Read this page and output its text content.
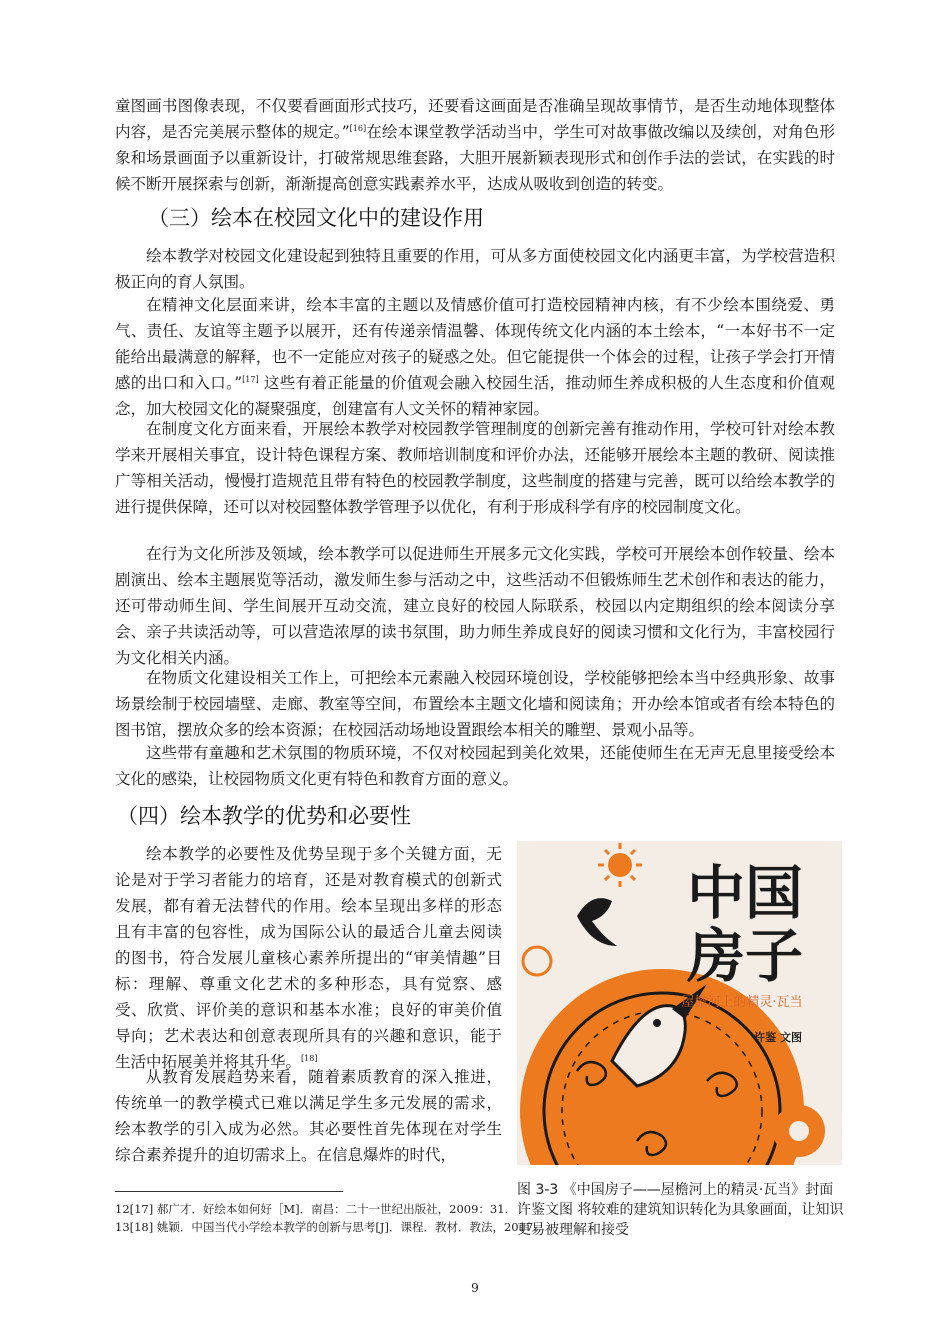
童图画书图像表现，不仅要看画面形式技巧，还要看这画面是否准确呈现故事情节，是否生动地体现整体内容，是否完美展示整体的规定。”[16]在绘本课堂教学活动当中，学生可对故事做改编以及续创，对角色形象和场景画面予以重新设计，打破常规思维套路，大胆开展新颖表现形式和创作手法的尝试，在实践的时候不断开展探索与创新，渐渐提高创意实践素养水平，达成从吸收到创造的转变。

（三）绘本在校园文化中的建设作用

绘本教学对校园文化建设起到独特且重要的作用，可从多方面使校园文化内涵更丰富，为学校营造积极正向的育人氛围。

在精神文化层面来讲，绘本丰富的主题以及情感价值可打造校园精神内核，有不少绘本围绕爱、勇气、责任、友谊等主题予以展开，还有传递亲情温馨、体现传统文化内涵的本土绘本，“一本好书不一定能给出最满意的解释，也不一定能应对孩子的疑惑之处。但它能提供一个体会的过程，让孩子学会打开情感的出口和入口。”[17] 这些有着正能量的价值观会融入校园生活，推动师生养成积极的人生态度和价值观念，加大校园文化的凝聚强度，创建富有人文关怀的精神家园。

在制度文化方面来看，开展绘本教学对校园教学管理制度的创新完善有推动作用，学校可针对绘本教学来开展相关事宜，设计特色课程方案、教师培训制度和评价办法，还能够开展绘本主题的教研、阅读推广等相关活动，慢慢打造规范且带有特色的校园教学制度，这些制度的搭建与完善，既可以给绘本教学的进行提供保障，还可以对校园整体教学管理予以优化，有利于形成科学有序的校园制度文化。

在行为文化所涉及领域，绘本教学可以促进师生开展多元文化实践，学校可开展绘本创作较量、绘本剧演出、绘本主题展览等活动，激发师生参与活动之中，这些活动不但锻炼师生艺术创作和表达的能力，还可带动师生间、学生间展开互动交流，建立良好的校园人际联系，校园以内定期组织的绘本阅读分享会、亲子共读活动等，可以营造浓厚的读书氛围，助力师生养成良好的阅读习惯和文化行为，丰富校园行为文化相关内涵。

在物质文化建设相关工作上，可把绘本元素融入校园环境创设，学校能够把绘本当中经典形象、故事场景绘制于校园墙壁、走廊、教室等空间，布置绘本主题文化墙和阅读角；开办绘本馆或者有绘本特色的图书馆，摆放众多的绘本资源；在校园活动场地设置跟绘本相关的雕塑、景观小品等。

这些带有童趣和艺术氛围的物质环境，不仅对校园起到美化效果，还能使师生在无声无息里接受绘本文化的感染，让校园物质文化更有特色和教育方面的意义。

（四）绘本教学的优势和必要性

绘本教学的必要性及优势呈现于多个关键方面，无论是对于学习者能力的培育，还是对教育模式的创新式发展，都有着无法替代的作用。绘本呈现出多样的形态且有丰富的包容性，成为国际公认的最适合儿童去阅读的图书，符合发展儿童核心素养所提出的“审美情趣”目标：理解、尊重文化艺术的多种形态，具有觉察、感受、欣赏、评价美的意识和基本水准；良好的审美价值导向；艺术表达和创意表现所具有的兴趣和意识，能于生活中拓展美并将其升华。[18]

从教育发展趋势来看，随着素质教育的深入推进，传统单一的教学模式已难以满足学生多元发展的需求，绘本教学的引入成为必然。其必要性首先体现在对学生综合素养提升的迫切需求上。在信息爆炸的时代，

中国
房子
屋檐河上的精灵·瓦当
许鉴 文图

图 3-3 《中国房子——屋檐河上的精灵·瓦当》封面 许鉴文图 将较难的建筑知识转化为具象画面，让知识更易被理解和接受

12[17] 郝广才．好绘本如何好［M]．南昌：二十一世纪出版社，2009：31.

13[18] 姚颖．中国当代小学绘本教学的创新与思考[J]．课程．教材．教法，2017.

9
